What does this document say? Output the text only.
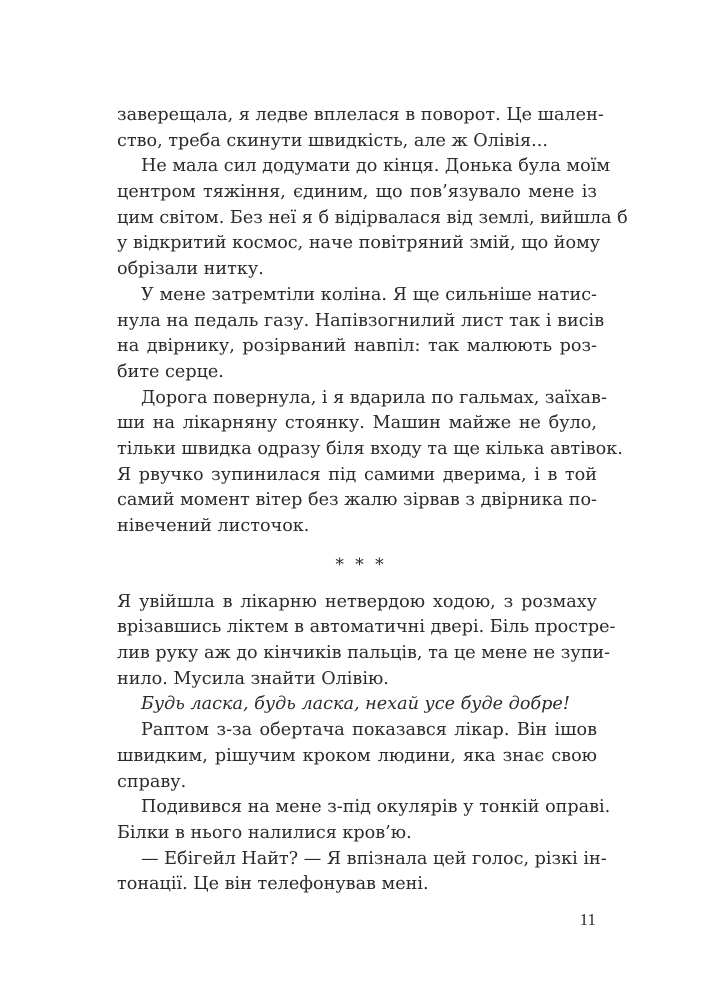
заверещала, я ледве вплелася в поворот. Це шален-
ство, треба скинути швидкість, але ж Олівія...
Не мала сил додумати до кінця. Донька була моїм
центром тяжіння, єдиним, що пов’язувало мене із
цим світом. Без неї я б відірвалася від землі, вийшла б
у відкритий космос, наче повітряний змій, що йому
обрізали нитку.
У мене затремтіли коліна. Я ще сильніше натис-
нула на педаль газу. Напівзогнилий лист так і висів
на двірнику, розірваний навпіл: так малюють роз-
бите серце.
Дорога повернула, і я вдарила по гальмах, заїхав-
ши на лікарняну стоянку. Машин майже не було,
тільки швидка одразу біля входу та ще кілька автівок.
Я рвучко зупинилася під самими дверима, і в той
самий момент вітер без жалю зірвав з двірника по-
нівечений листочок.
* * *
Я увійшла в лікарню нетвердою ходою, з розмаху
врізавшись ліктем в автоматичні двері. Біль простре-
лив руку аж до кінчиків пальців, та це мене не зупи-
нило. Мусила знайти Олівію.
Будь ласка, будь ласка, нехай усе буде добре!
Раптом з-за обертача показався лікар. Він ішов
швидким, рішучим кроком людини, яка знає свою
справу.
Подивився на мене з-під окулярів у тонкій оправі.
Білки в нього налилися кров’ю.
— Ебігейл Найт? — Я впізнала цей голос, різкі ін-
тонації. Це він телефонував мені.
11
